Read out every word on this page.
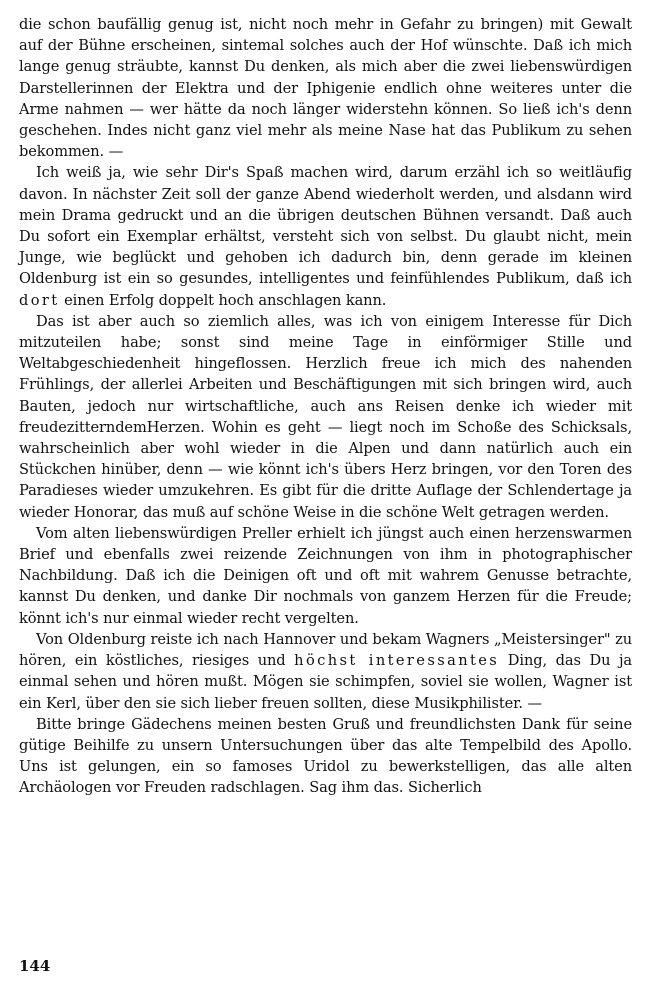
die schon baufällig genug ist, nicht noch mehr in Gefahr zu bringen) mit Gewalt auf der Bühne erscheinen, sintemal solches auch der Hof wünschte. Daß ich mich lange genug sträubte, kannst Du denken, als mich aber die zwei liebenswürdigen Darstellerinnen der Elektra und der Iphigenie endlich ohne weiteres unter die Arme nahmen — wer hätte da noch länger widerstehn können. So ließ ich's denn geschehen. Indes nicht ganz viel mehr als meine Nase hat das Publikum zu sehen bekommen. —

Ich weiß ja, wie sehr Dir's Spaß machen wird, darum erzähl ich so weitläufig davon. In nächster Zeit soll der ganze Abend wiederholt werden, und alsdann wird mein Drama gedruckt und an die übrigen deutschen Bühnen versandt. Daß auch Du sofort ein Exemplar erhältst, versteht sich von selbst. Du glaubt nicht, mein Junge, wie beglückt und gehoben ich dadurch bin, denn gerade im kleinen Oldenburg ist ein so gesundes, intelligentes und feinfühlendes Publikum, daß ich dort einen Erfolg doppelt hoch anschlagen kann.

Das ist aber auch so ziemlich alles, was ich von einigem Interesse für Dich mitzuteilen habe; sonst sind meine Tage in einförmiger Stille und Weltabgeschiedenheit hingeflossen. Herzlich freue ich mich des nahenden Frühlings, der allerlei Arbeiten und Beschäftigungen mit sich bringen wird, auch Bauten, jedoch nur wirtschaftliche, auch ans Reisen denke ich wieder mit freudezitterndemHerzen. Wohin es geht — liegt noch im Schoße des Schicksals, wahrscheinlich aber wohl wieder in die Alpen und dann natürlich auch ein Stückchen hinüber, denn — wie könnt ich's übers Herz bringen, vor den Toren des Paradieses wieder umzukehren. Es gibt für die dritte Auflage der Schlendertage ja wieder Honorar, das muß auf schöne Weise in die schöne Welt getragen werden.

Vom alten liebenswürdigen Preller erhielt ich jüngst auch einen herzenswarmen Brief und ebenfalls zwei reizende Zeichnungen von ihm in photographischer Nachbildung. Daß ich die Deinigen oft und oft mit wahrem Genusse betrachte, kannst Du denken, und danke Dir nochmals von ganzem Herzen für die Freude; könnt ich's nur einmal wieder recht vergelten.

Von Oldenburg reiste ich nach Hannover und bekam Wagners „Meistersinger" zu hören, ein köstliches, riesiges und höchst interessantes Ding, das Du ja einmal sehen und hören mußt. Mögen sie schimpfen, soviel sie wollen, Wagner ist ein Kerl, über den sie sich lieber freuen sollten, diese Musikphilister. —

Bitte bringe Gädechens meinen besten Gruß und freundlichsten Dank für seine gütige Beihilfe zu unsern Untersuchungen über das alte Tempelbild des Apollo. Uns ist gelungen, ein so famoses Uridol zu bewerkstelligen, das alle alten Archäologen vor Freuden radschlagen. Sag ihm das. Sicherlich

144
